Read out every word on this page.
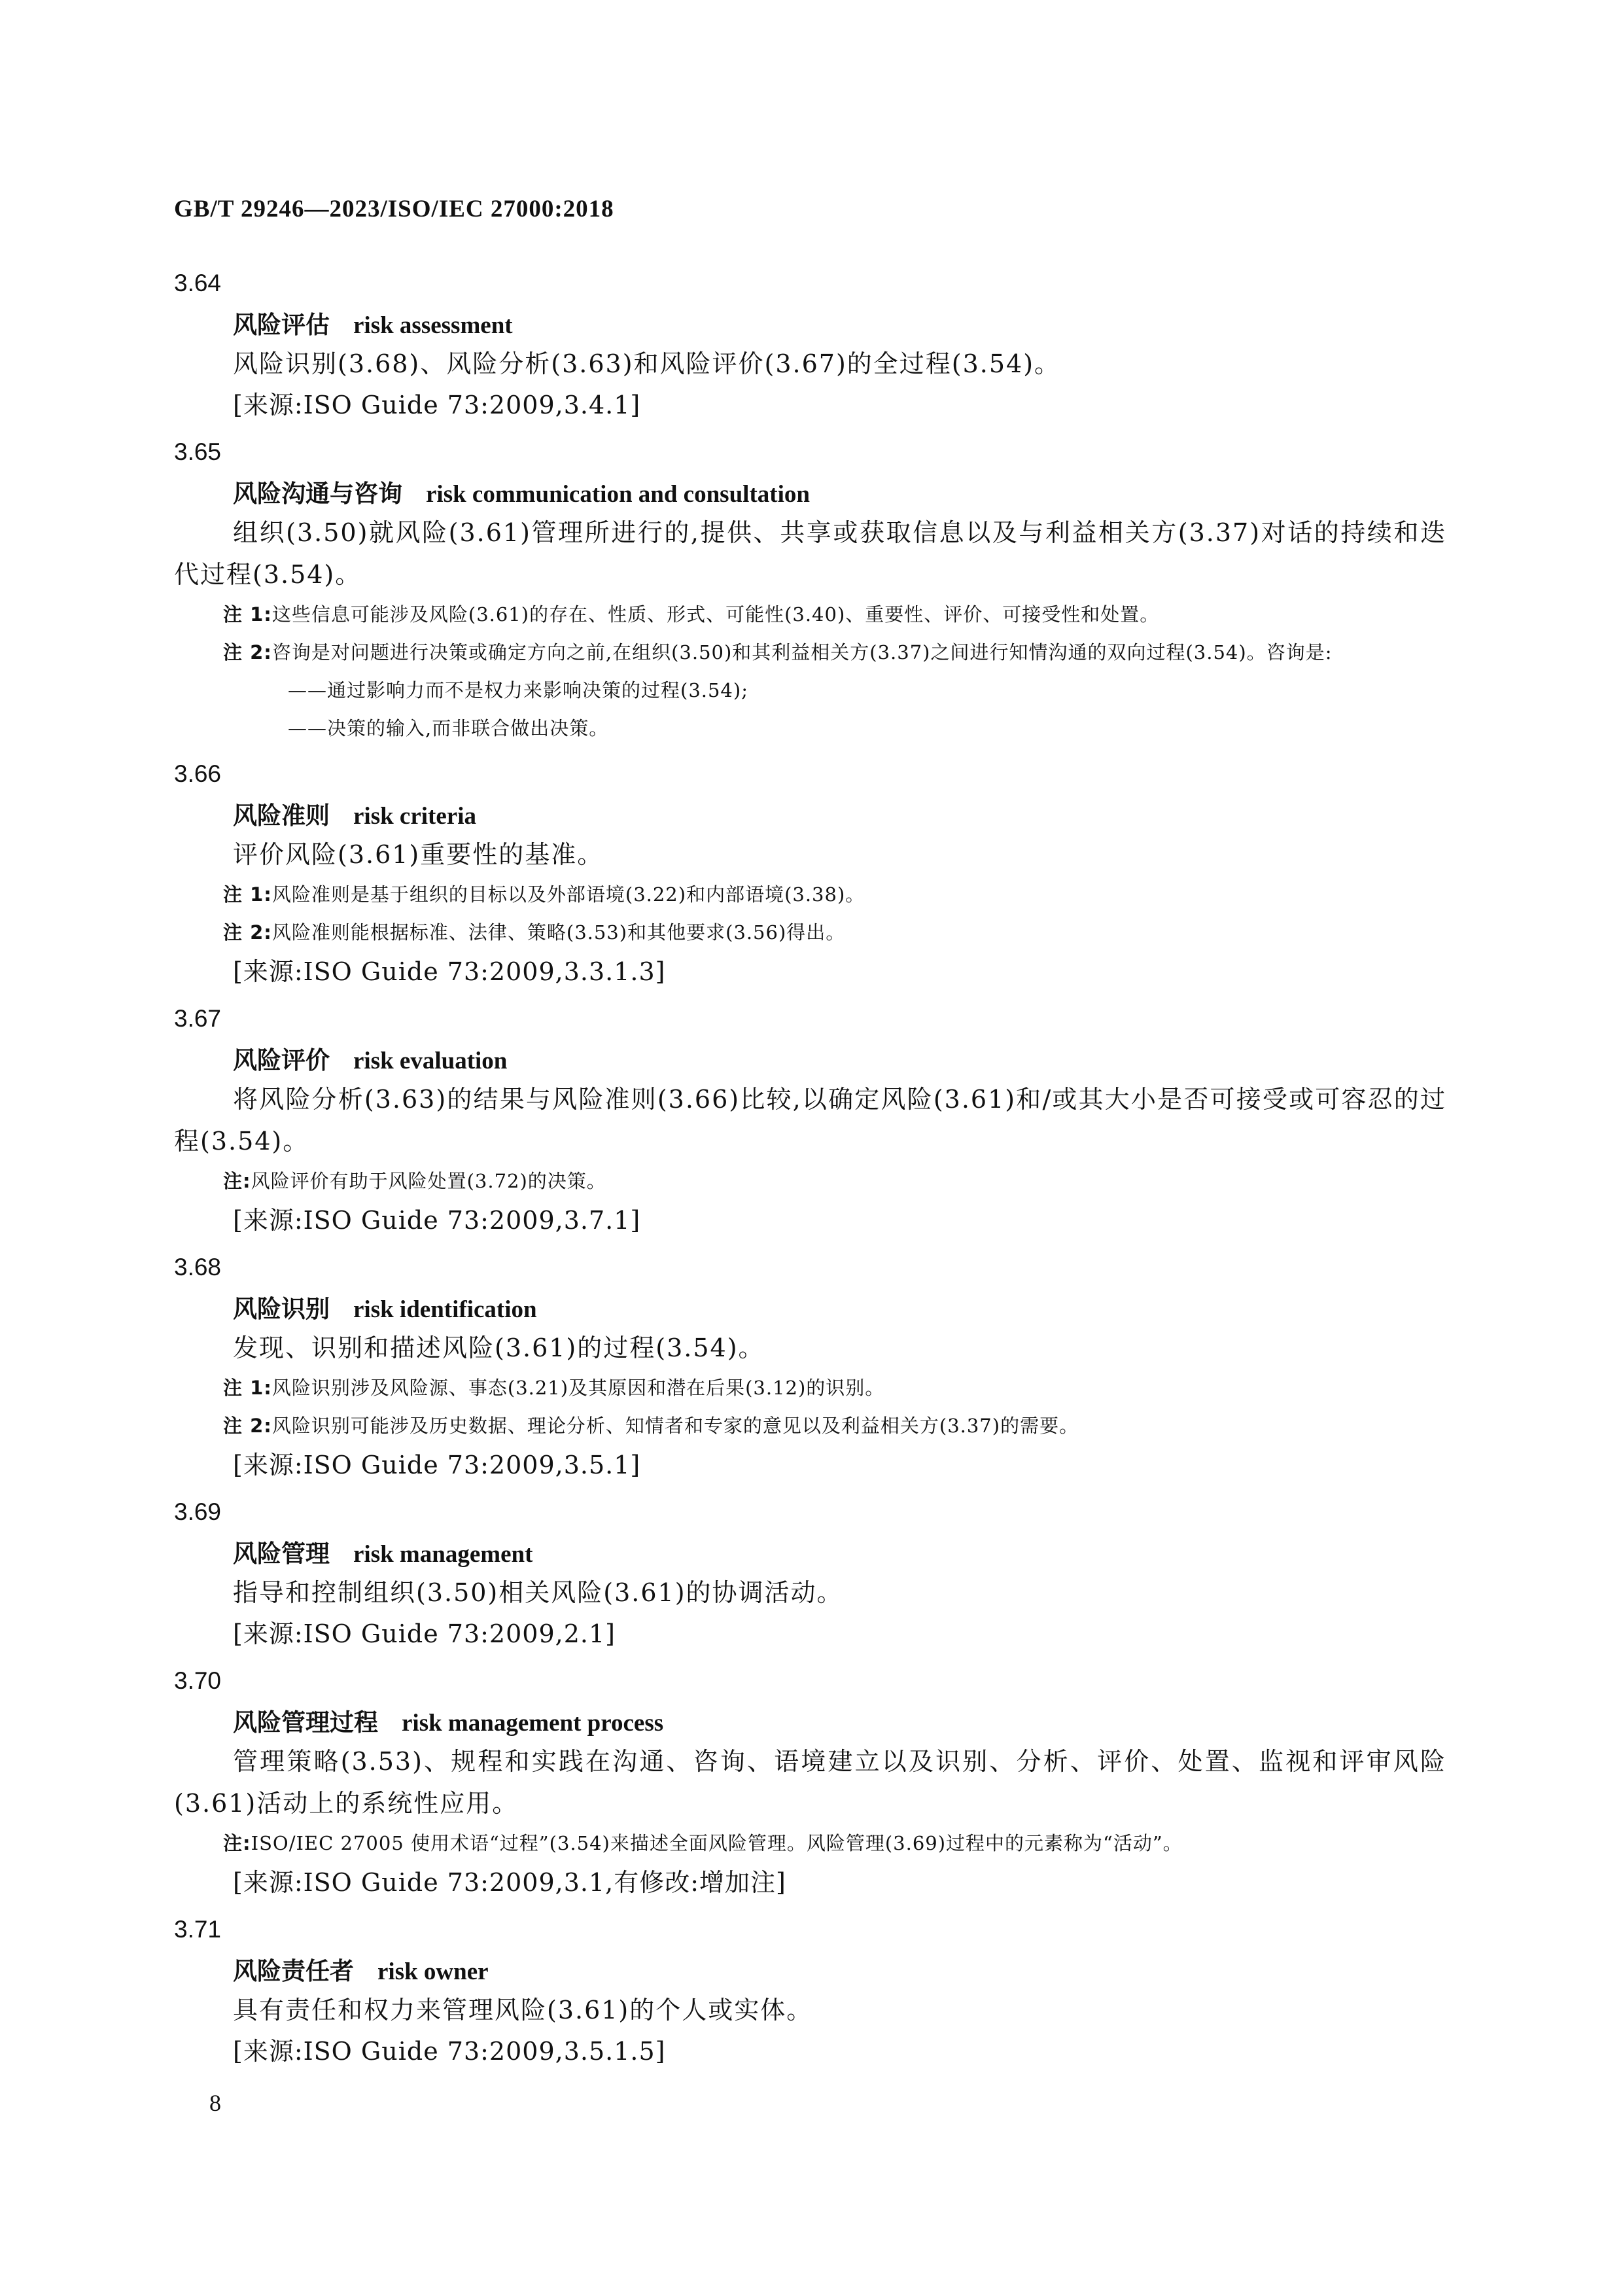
GB/T 29246—2023/ISO/IEC 27000:2018
3.64
风险评估 risk assessment
风险识别(3.68)、风险分析(3.63)和风险评价(3.67)的全过程(3.54)。
[来源:ISO Guide 73:2009,3.4.1]
3.65
风险沟通与咨询 risk communication and consultation
组织(3.50)就风险(3.61)管理所进行的,提供、共享或获取信息以及与利益相关方(3.37)对话的持续和迭代过程(3.54)。
注 1:这些信息可能涉及风险(3.61)的存在、性质、形式、可能性(3.40)、重要性、评价、可接受性和处置。
注 2:咨询是对问题进行决策或确定方向之前,在组织(3.50)和其利益相关方(3.37)之间进行知情沟通的双向过程(3.54)。咨询是:
——通过影响力而不是权力来影响决策的过程(3.54);
——决策的输入,而非联合做出决策。
3.66
风险准则 risk criteria
评价风险(3.61)重要性的基准。
注 1:风险准则是基于组织的目标以及外部语境(3.22)和内部语境(3.38)。
注 2:风险准则能根据标准、法律、策略(3.53)和其他要求(3.56)得出。
[来源:ISO Guide 73:2009,3.3.1.3]
3.67
风险评价 risk evaluation
将风险分析(3.63)的结果与风险准则(3.66)比较,以确定风险(3.61)和/或其大小是否可接受或可容忍的过程(3.54)。
注:风险评价有助于风险处置(3.72)的决策。
[来源:ISO Guide 73:2009,3.7.1]
3.68
风险识别 risk identification
发现、识别和描述风险(3.61)的过程(3.54)。
注 1:风险识别涉及风险源、事态(3.21)及其原因和潜在后果(3.12)的识别。
注 2:风险识别可能涉及历史数据、理论分析、知情者和专家的意见以及利益相关方(3.37)的需要。
[来源:ISO Guide 73:2009,3.5.1]
3.69
风险管理 risk management
指导和控制组织(3.50)相关风险(3.61)的协调活动。
[来源:ISO Guide 73:2009,2.1]
3.70
风险管理过程 risk management process
管理策略(3.53)、规程和实践在沟通、咨询、语境建立以及识别、分析、评价、处置、监视和评审风险(3.61)活动上的系统性应用。
注:ISO/IEC 27005 使用术语“过程”(3.54)来描述全面风险管理。风险管理(3.69)过程中的元素称为“活动”。
[来源:ISO Guide 73:2009,3.1,有修改:增加注]
3.71
风险责任者 risk owner
具有责任和权力来管理风险(3.61)的个人或实体。
[来源:ISO Guide 73:2009,3.5.1.5]
8
